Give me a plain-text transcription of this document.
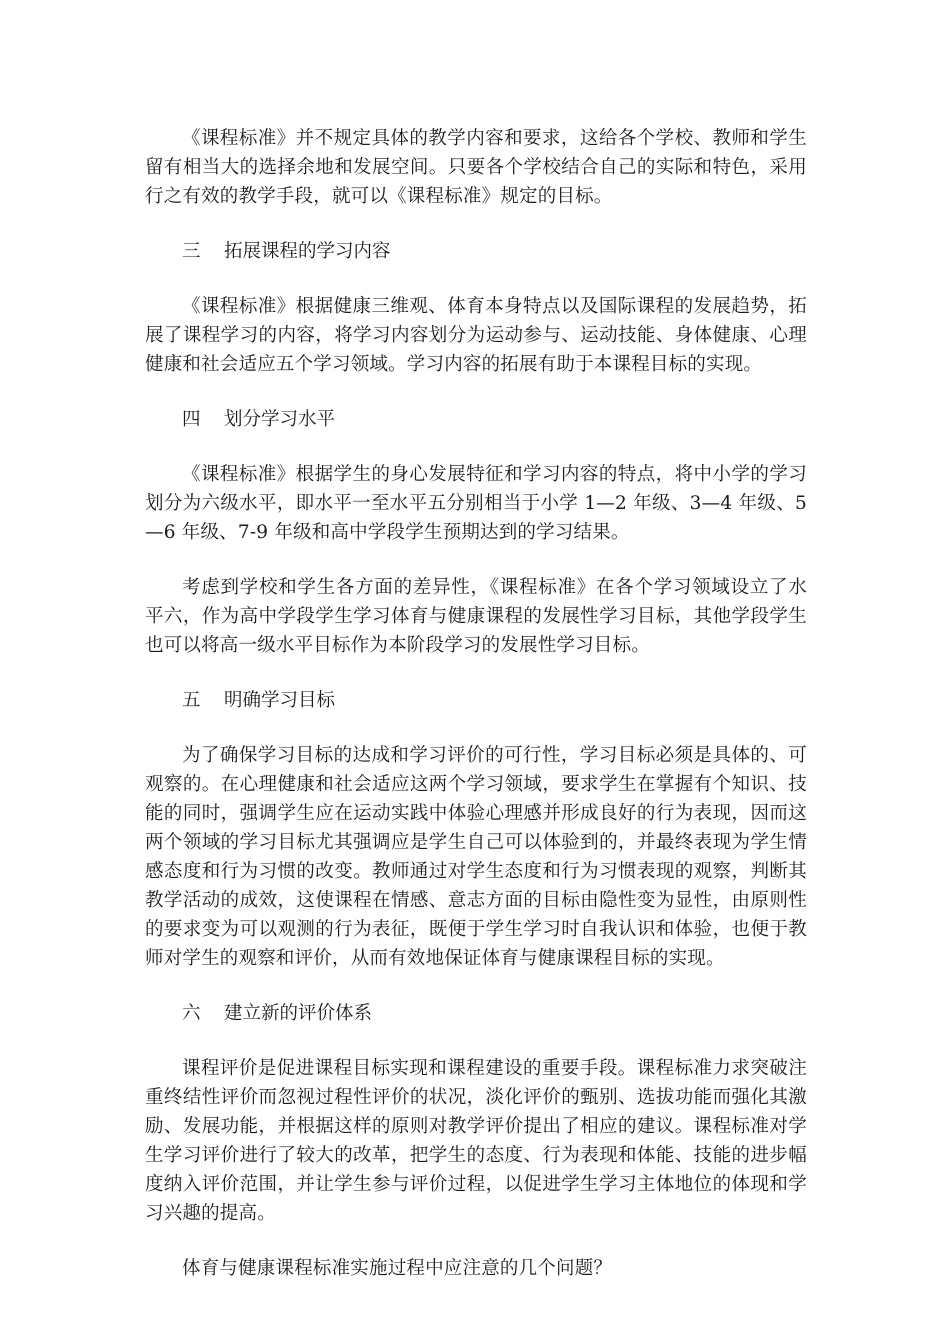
《课程标准》并不规定具体的教学内容和要求，这给各个学校、教师和学生留有相当大的选择余地和发展空间。只要各个学校结合自己的实际和特色，采用行之有效的教学手段，就可以《课程标准》规定的目标。

三 拓展课程的学习内容

《课程标准》根据健康三维观、体育本身特点以及国际课程的发展趋势，拓展了课程学习的内容，将学习内容划分为运动参与、运动技能、身体健康、心理健康和社会适应五个学习领域。学习内容的拓展有助于本课程目标的实现。

四 划分学习水平

《课程标准》根据学生的身心发展特征和学习内容的特点，将中小学的学习划分为六级水平，即水平一至水平五分别相当于小学 1—2 年级、3—4 年级、5—6 年级、7-9 年级和高中学段学生预期达到的学习结果。

考虑到学校和学生各方面的差异性，《课程标准》在各个学习领域设立了水平六，作为高中学段学生学习体育与健康课程的发展性学习目标，其他学段学生也可以将高一级水平目标作为本阶段学习的发展性学习目标。

五 明确学习目标

为了确保学习目标的达成和学习评价的可行性，学习目标必须是具体的、可观察的。在心理健康和社会适应这两个学习领域，要求学生在掌握有个知识、技能的同时，强调学生应在运动实践中体验心理感并形成良好的行为表现，因而这两个领域的学习目标尤其强调应是学生自己可以体验到的，并最终表现为学生情感态度和行为习惯的改变。教师通过对学生态度和行为习惯表现的观察，判断其教学活动的成效，这使课程在情感、意志方面的目标由隐性变为显性，由原则性的要求变为可以观测的行为表征，既便于学生学习时自我认识和体验，也便于教师对学生的观察和评价，从而有效地保证体育与健康课程目标的实现。

六 建立新的评价体系

课程评价是促进课程目标实现和课程建设的重要手段。课程标准力求突破注重终结性评价而忽视过程性评价的状况，淡化评价的甄别、选拔功能而强化其激励、发展功能，并根据这样的原则对教学评价提出了相应的建议。课程标准对学生学习评价进行了较大的改革，把学生的态度、行为表现和体能、技能的进步幅度纳入评价范围，并让学生参与评价过程，以促进学生学习主体地位的体现和学习兴趣的提高。

体育与健康课程标准实施过程中应注意的几个问题？
